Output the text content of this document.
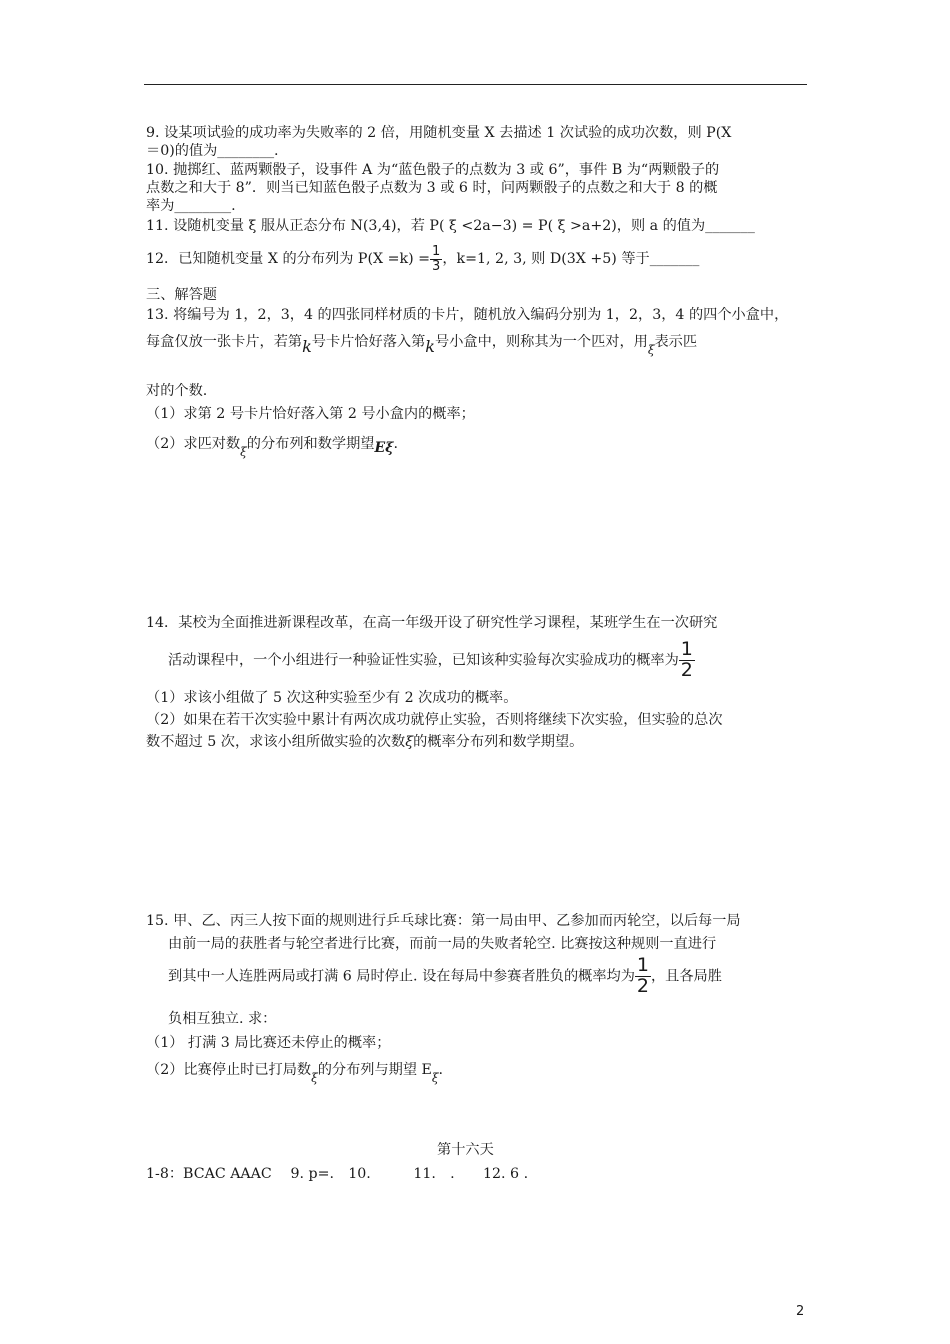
9. 设某项试验的成功率为失败率的 2 倍，用随机变量 X 去描述 1 次试验的成功次数，则 P(X
＝0)的值为________.
10. 抛掷红、蓝两颗骰子，设事件 A 为“蓝色骰子的点数为 3 或 6”，事件 B 为“两颗骰子的
点数之和大于 8”．则当已知蓝色骰子点数为 3 或 6 时，问两颗骰子的点数之和大于 8 的概
率为________.
11. 设随机变量 ξ 服从正态分布 N(3,4)，若 P( ξ <2a−3) = P( ξ >a+2)，则 a 的值为_______
12．已知随机变量 X 的分布列为 $P(X =k) = \frac{1}{3}$ ，k=1, 2, 3, 则 D(3X +5) 等于_______
三、解答题
13. 将编号为 1，2，3，4 的四张同样材质的卡片，随机放入编码分别为 1，2，3，4 的四个小盒中，
每盒仅放一张卡片，若第k号卡片恰好落入第k号小盒中，则称其为一个匹对，用$_\xi$表示匹
对的个数.
（1）求第 2 号卡片恰好落入第 2 号小盒内的概率；
（2）求匹对数$_\xi$的分布列和数学期望Eξ.
14．某校为全面推进新课程改革，在高一年级开设了研究性学习课程，某班学生在一次研究
活动课程中，一个小组进行一种验证性实验，已知该种实验每次实验成功的概率为 $\frac{1}{2}$
（1）求该小组做了 5 次这种实验至少有 2 次成功的概率。
（2）如果在若干次实验中累计有两次成功就停止实验，否则将继续下次实验，但实验的总次
数不超过 5 次，求该小组所做实验的次数ξ的概率分布列和数学期望。
15. 甲、乙、丙三人按下面的规则进行乒乓球比赛：第一局由甲、乙参加而丙轮空，以后每一局
由前一局的获胜者与轮空者进行比赛，而前一局的失败者轮空. 比赛按这种规则一直进行
到其中一人连胜两局或打满 6 局时停止. 设在每局中参赛者胜负的概率均为 $\frac{1}{2}$ ，且各局胜
负相互独立. 求：
（1） 打满 3 局比赛还未停止的概率；
（2）比赛停止时已打局数$_\xi$的分布列与期望 $E_\xi$.
第十六天
1-8：BCAC AAAC　 9. p=.　10.　　　11.　.　　12. 6 .
2
